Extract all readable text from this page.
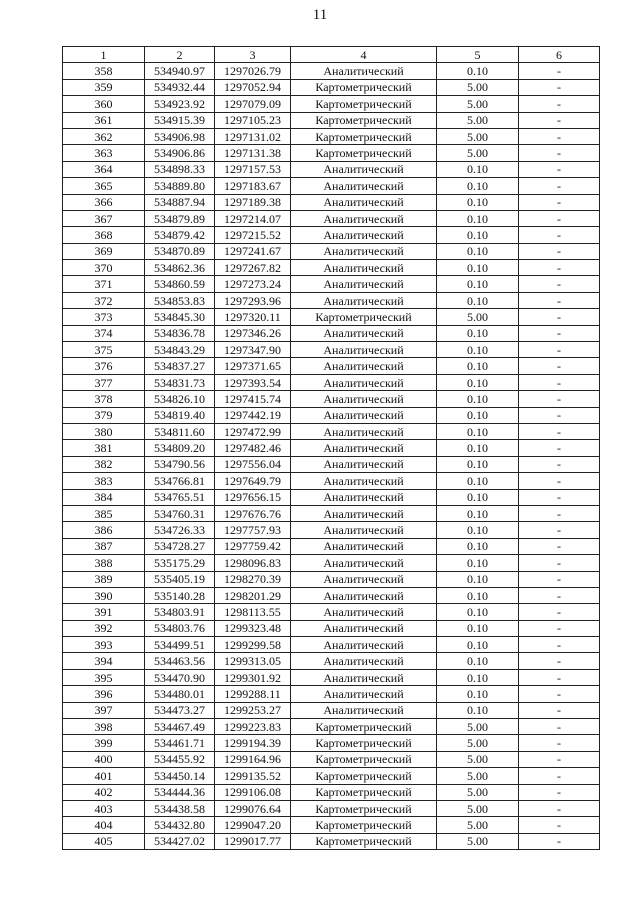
11
1	2	3	4	5	6
358	534940.97	1297026.79	Аналитический	0.10	-
359	534932.44	1297052.94	Картометрический	5.00	-
360	534923.92	1297079.09	Картометрический	5.00	-
361	534915.39	1297105.23	Картометрический	5.00	-
362	534906.98	1297131.02	Картометрический	5.00	-
363	534906.86	1297131.38	Картометрический	5.00	-
364	534898.33	1297157.53	Аналитический	0.10	-
365	534889.80	1297183.67	Аналитический	0.10	-
366	534887.94	1297189.38	Аналитический	0.10	-
367	534879.89	1297214.07	Аналитический	0.10	-
368	534879.42	1297215.52	Аналитический	0.10	-
369	534870.89	1297241.67	Аналитический	0.10	-
370	534862.36	1297267.82	Аналитический	0.10	-
371	534860.59	1297273.24	Аналитический	0.10	-
372	534853.83	1297293.96	Аналитический	0.10	-
373	534845.30	1297320.11	Картометрический	5.00	-
374	534836.78	1297346.26	Аналитический	0.10	-
375	534843.29	1297347.90	Аналитический	0.10	-
376	534837.27	1297371.65	Аналитический	0.10	-
377	534831.73	1297393.54	Аналитический	0.10	-
378	534826.10	1297415.74	Аналитический	0.10	-
379	534819.40	1297442.19	Аналитический	0.10	-
380	534811.60	1297472.99	Аналитический	0.10	-
381	534809.20	1297482.46	Аналитический	0.10	-
382	534790.56	1297556.04	Аналитический	0.10	-
383	534766.81	1297649.79	Аналитический	0.10	-
384	534765.51	1297656.15	Аналитический	0.10	-
385	534760.31	1297676.76	Аналитический	0.10	-
386	534726.33	1297757.93	Аналитический	0.10	-
387	534728.27	1297759.42	Аналитический	0.10	-
388	535175.29	1298096.83	Аналитический	0.10	-
389	535405.19	1298270.39	Аналитический	0.10	-
390	535140.28	1298201.29	Аналитический	0.10	-
391	534803.91	1298113.55	Аналитический	0.10	-
392	534803.76	1299323.48	Аналитический	0.10	-
393	534499.51	1299299.58	Аналитический	0.10	-
394	534463.56	1299313.05	Аналитический	0.10	-
395	534470.90	1299301.92	Аналитический	0.10	-
396	534480.01	1299288.11	Аналитический	0.10	-
397	534473.27	1299253.27	Аналитический	0.10	-
398	534467.49	1299223.83	Картометрический	5.00	-
399	534461.71	1299194.39	Картометрический	5.00	-
400	534455.92	1299164.96	Картометрический	5.00	-
401	534450.14	1299135.52	Картометрический	5.00	-
402	534444.36	1299106.08	Картометрический	5.00	-
403	534438.58	1299076.64	Картометрический	5.00	-
404	534432.80	1299047.20	Картометрический	5.00	-
405	534427.02	1299017.77	Картометрический	5.00	-
